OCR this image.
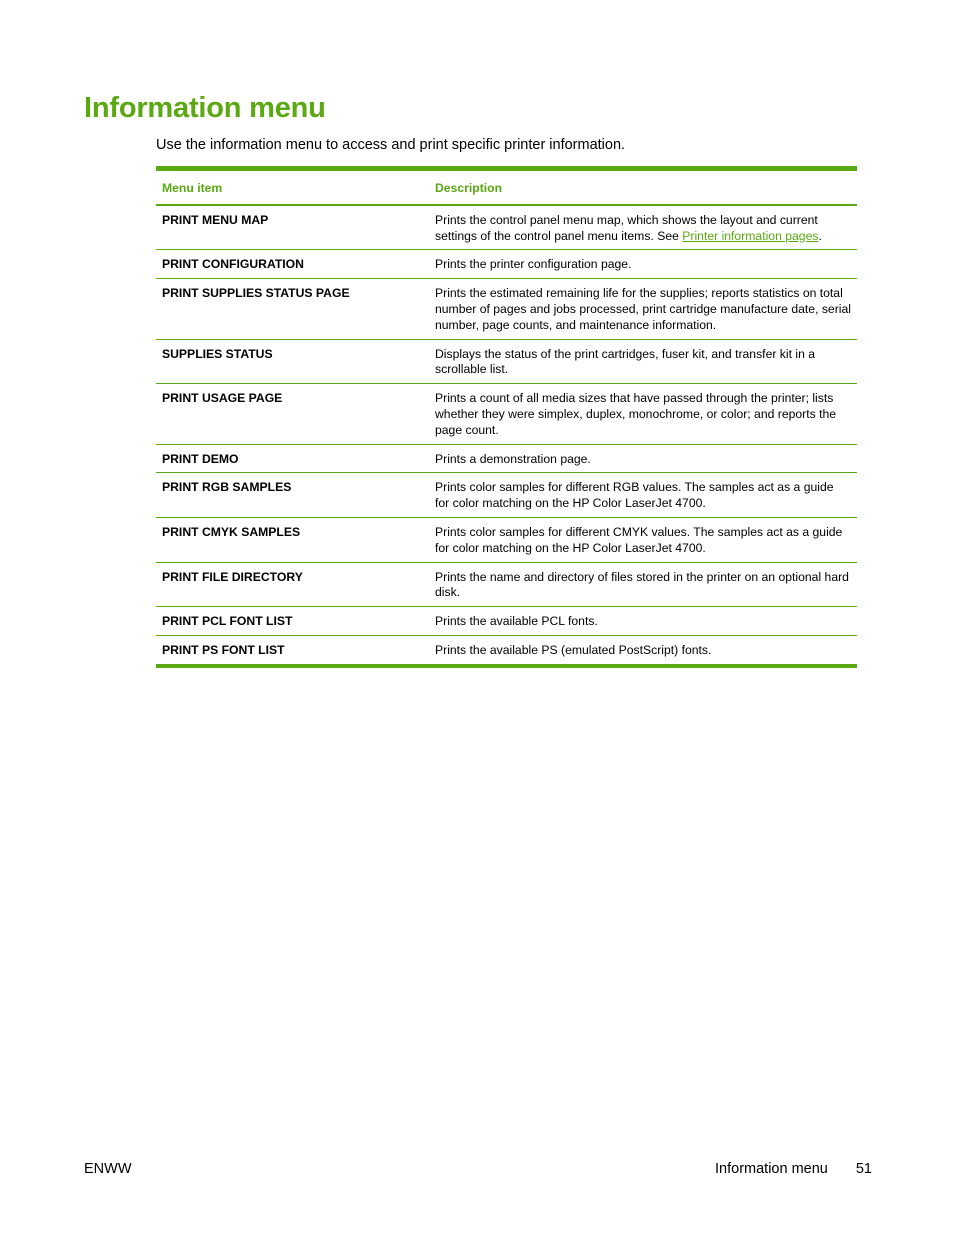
Information menu

Use the information menu to access and print specific printer information.

Menu item	Description
PRINT MENU MAP	Prints the control panel menu map, which shows the layout and current settings of the control panel menu items. See Printer information pages.
PRINT CONFIGURATION	Prints the printer configuration page.
PRINT SUPPLIES STATUS PAGE	Prints the estimated remaining life for the supplies; reports statistics on total number of pages and jobs processed, print cartridge manufacture date, serial number, page counts, and maintenance information.
SUPPLIES STATUS	Displays the status of the print cartridges, fuser kit, and transfer kit in a scrollable list.
PRINT USAGE PAGE	Prints a count of all media sizes that have passed through the printer; lists whether they were simplex, duplex, monochrome, or color; and reports the page count.
PRINT DEMO	Prints a demonstration page.
PRINT RGB SAMPLES	Prints color samples for different RGB values. The samples act as a guide for color matching on the HP Color LaserJet 4700.
PRINT CMYK SAMPLES	Prints color samples for different CMYK values. The samples act as a guide for color matching on the HP Color LaserJet 4700.
PRINT FILE DIRECTORY	Prints the name and directory of files stored in the printer on an optional hard disk.
PRINT PCL FONT LIST	Prints the available PCL fonts.
PRINT PS FONT LIST	Prints the available PS (emulated PostScript) fonts.
ENWW	Information menu 51
